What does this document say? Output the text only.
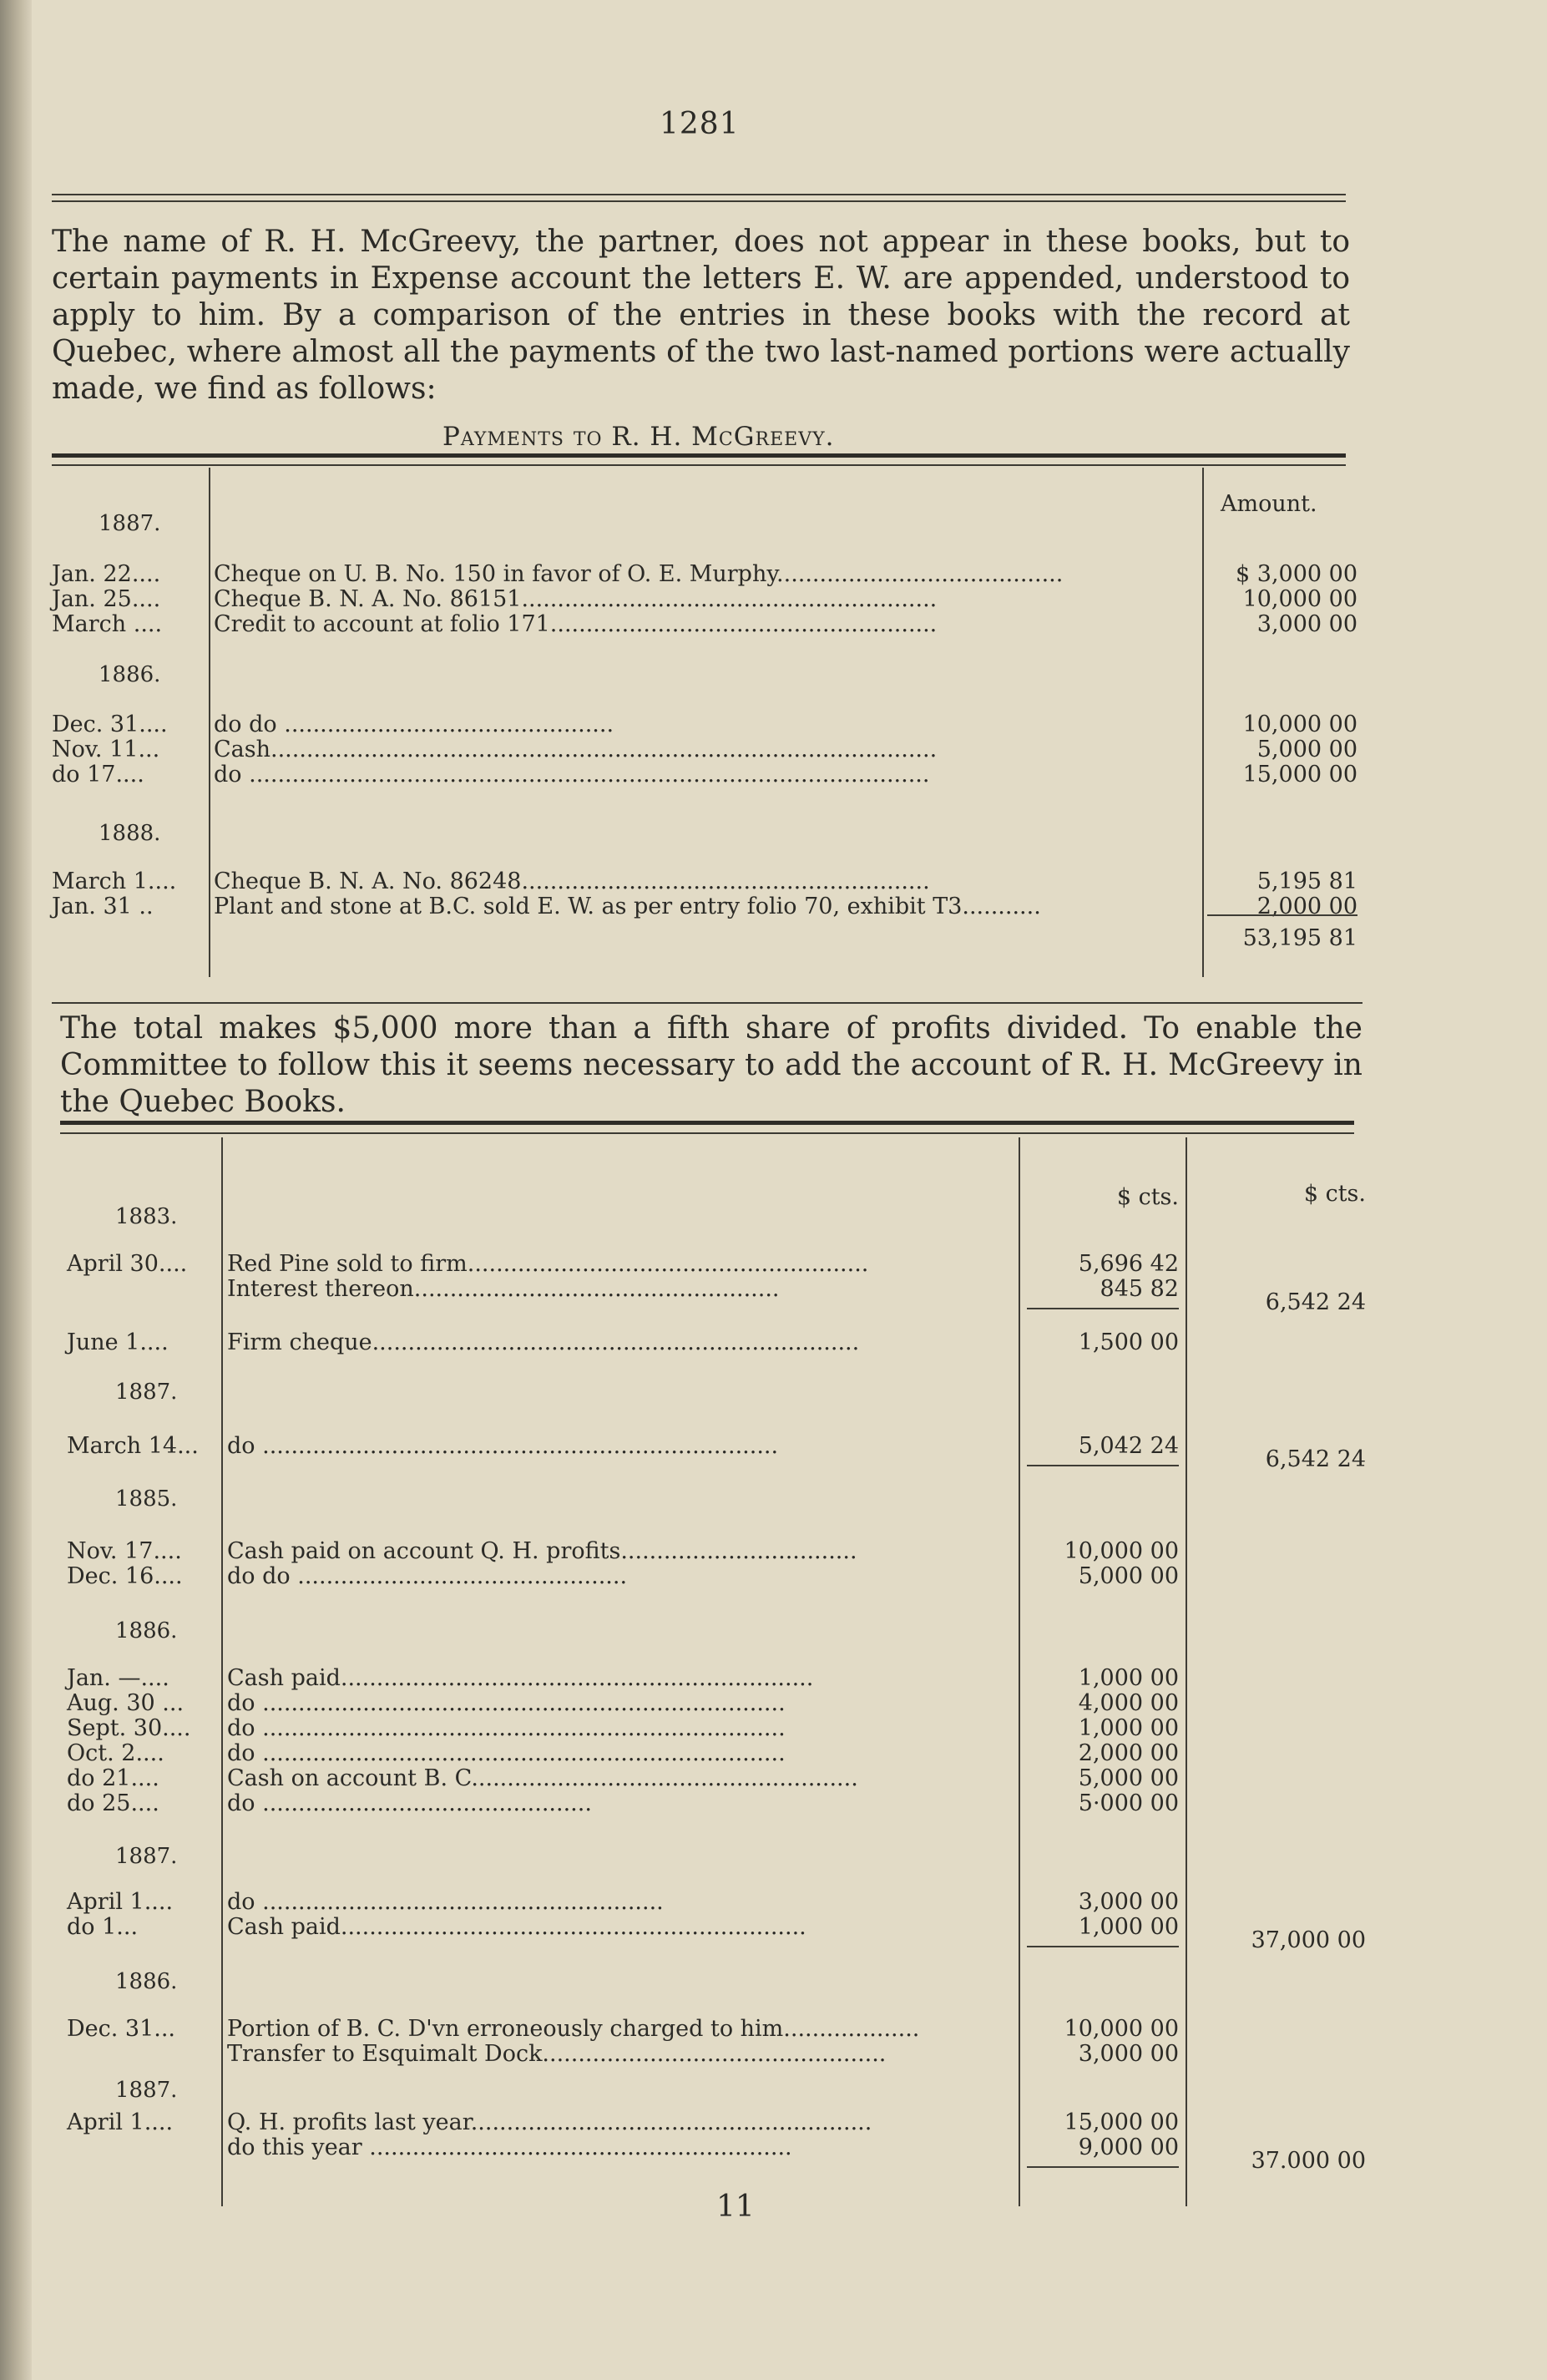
1281
The name of R. H. McGreevy, the partner, does not appear in these books, but to certain payments in Expense account the letters E. W. are appended, understood to apply to him. By a comparison of the entries in these books with the record at Quebec, where almost all the payments of the two last-named portions were actually made, we find as follows:
Payments to R. H. McGreevy.
Amount.
1887.
Jan. 22.... Cheque on U. B. No. 150 in favor of O. E. Murphy........................................	$ 3,000 00
Jan. 25.... Cheque B. N. A. No. 86151..........................................................	10,000 00
March .... Credit to account at folio 171......................................................	3,000 00
1886.
Dec. 31.... do do ..............................................	10,000 00
Nov. 11... Cash.............................................................................................	5,000 00
do 17....	do ...............................................................................................	15,000 00
1888.
March 1.... Cheque B. N. A. No. 86248.........................................................	5,195 81
Jan. 31 ..	Plant and stone at B.C. sold E. W. as per entry folio 70, exhibit T3...........	2,000 00
53,195 81
The total makes $5,000 more than a fifth share of profits divided. To enable the Committee to follow this it seems necessary to add the account of R. H. McGreevy in the Quebec Books.
$ cts.	$ cts.
1883.
April 30.... Red Pine sold to firm........................................................	5,696 42
Interest thereon...................................................	845 82
6,542 24
June 1....	Firm cheque....................................................................	1,500 00
1887.
March 14... do ........................................................................	5,042 24
6,542 24
1885.
Nov. 17.... Cash paid on account Q. H. profits.................................	10,000 00
Dec. 16.... do do ..............................................	5,000 00
1886.
Jan. —....	Cash paid..................................................................	1,000 00
Aug. 30 ... do .........................................................................	4,000 00
Sept. 30.... do .........................................................................	1,000 00
Oct. 2....	do .........................................................................	2,000 00
do 21....	Cash on account B. C......................................................	5,000 00
do 25....	do ..............................................	5·000 00
1887.
April 1.... do ........................................................	3,000 00
do 1...	Cash paid.................................................................	1,000 00
37,000 00
1886.
Dec. 31... Portion of B. C. D'vn erroneously charged to him...................	10,000 00
Transfer to Esquimalt Dock................................................	3,000 00
1887.
April 1.... Q. H. profits last year........................................................	15,000 00
do this year ...........................................................	9,000 00
37.000 00
11
